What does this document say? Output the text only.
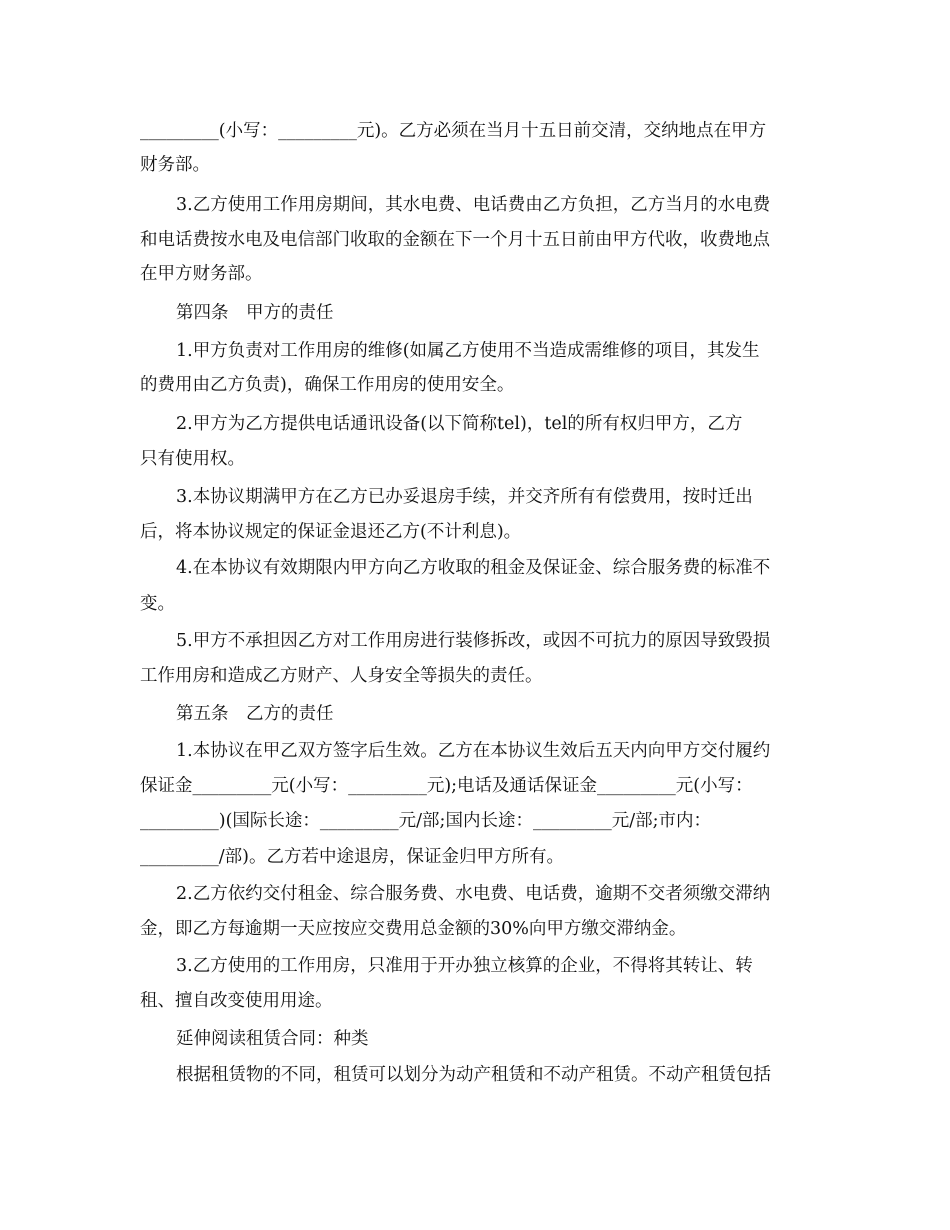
_________(小写：_________元)。乙方必须在当月十五日前交清，交纳地点在甲方
财务部。
3.乙方使用工作用房期间，其水电费、电话费由乙方负担，乙方当月的水电费
和电话费按水电及电信部门收取的金额在下一个月十五日前由甲方代收，收费地点
在甲方财务部。
第四条　甲方的责任
1.甲方负责对工作用房的维修(如属乙方使用不当造成需维修的项目，其发生
的费用由乙方负责)，确保工作用房的使用安全。
2.甲方为乙方提供电话通讯设备(以下简称tel)，tel的所有权归甲方，乙方
只有使用权。
3.本协议期满甲方在乙方已办妥退房手续，并交齐所有有偿费用，按时迁出
后，将本协议规定的保证金退还乙方(不计利息)。
4.在本协议有效期限内甲方向乙方收取的租金及保证金、综合服务费的标准不
变。
5.甲方不承担因乙方对工作用房进行装修拆改，或因不可抗力的原因导致毁损
工作用房和造成乙方财产、人身安全等损失的责任。
第五条　乙方的责任
1.本协议在甲乙双方签字后生效。乙方在本协议生效后五天内向甲方交付履约
保证金_________元(小写：_________元);电话及通话保证金_________元(小写：
_________)(国际长途：_________元/部;国内长途：_________元/部;市内：
_________/部)。乙方若中途退房，保证金归甲方所有。
2.乙方依约交付租金、综合服务费、水电费、电话费，逾期不交者须缴交滞纳
金，即乙方每逾期一天应按应交费用总金额的30%向甲方缴交滞纳金。
3.乙方使用的工作用房，只准用于开办独立核算的企业，不得将其转让、转
租、擅自改变使用用途。
延伸阅读租赁合同：种类
根据租赁物的不同，租赁可以划分为动产租赁和不动产租赁。不动产租赁包括
